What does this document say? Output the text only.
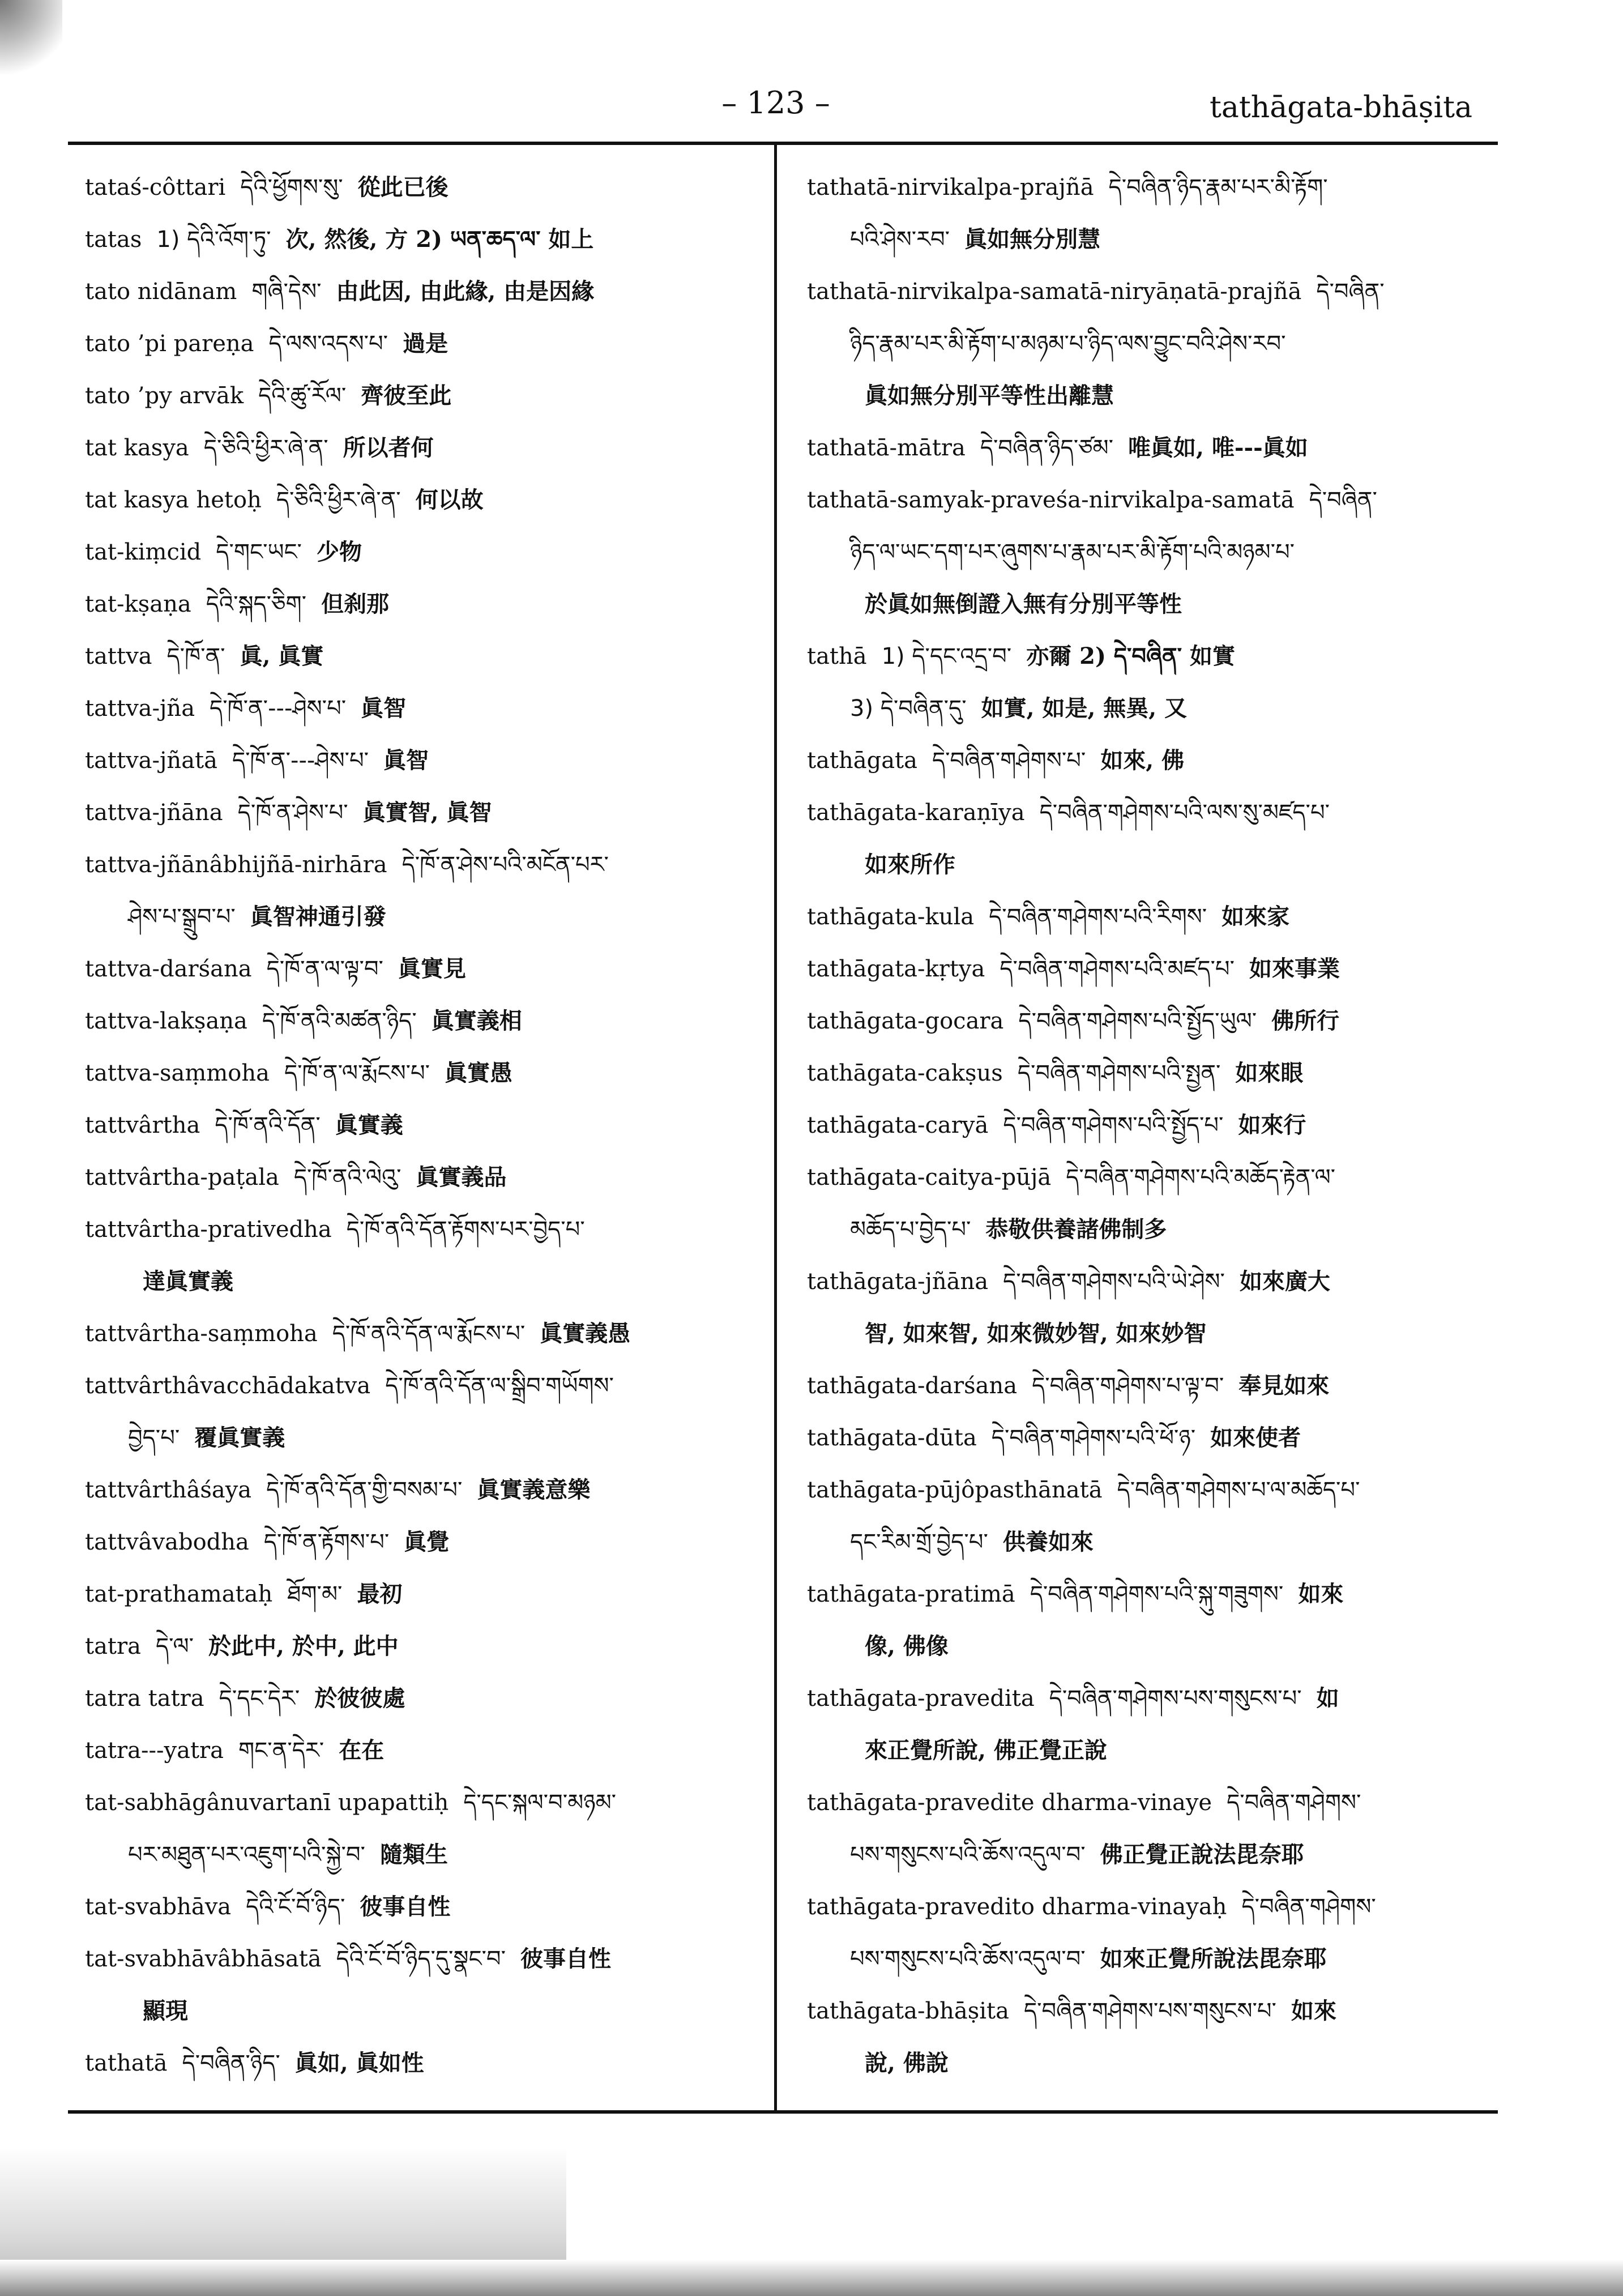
– 123 –	tathāgata-bhāṣita
tataś-côttari དེའི་ཕྱོགས་སུ་ 從此已後
tatas 1) དེའི་འོག་ཏུ་ 次, 然後, 方 2) ཡན་ཆད་ལ་ 如上
tato nidānam གཞི་དེས་ 由此因, 由此緣, 由是因緣
tato ’pi pareṇa དེ་ལས་འདས་པ་ 過是
tato ’py arvāk དེའི་ཚུ་རོལ་ 齊彼至此
tat kasya དེ་ཅིའི་ཕྱིར་ཞེ་ན་ 所以者何
tat kasya hetoḥ དེ་ཅིའི་ཕྱིར་ཞེ་ན་ 何以故
tat-kiṃcid དེ་གང་ཡང་ 少物
tat-kṣaṇa དེའི་སྐད་ཅིག་ 但刹那
tattva དེ་ཁོ་ན་ 眞, 眞實
tattva-jña དེ་ཁོ་ན་---ཤེས་པ་ 眞智
tattva-jñatā དེ་ཁོ་ན་---ཤེས་པ་ 眞智
tattva-jñāna དེ་ཁོ་ན་ཤེས་པ་ 眞實智, 眞智
tattva-jñānâbhijñā-nirhāra དེ་ཁོ་ན་ཤེས་པའི་མངོན་པར་
ཤེས་པ་སྒྲུབ་པ་ 眞智神通引發
tattva-darśana དེ་ཁོ་ན་ལ་ལྟ་བ་ 眞實見
tattva-lakṣaṇa དེ་ཁོ་ནའི་མཚན་ཉིད་ 眞實義相
tattva-saṃmoha དེ་ཁོ་ན་ལ་རྨོངས་པ་ 眞實愚
tattvârtha དེ་ཁོ་ནའི་དོན་ 眞實義
tattvârtha-paṭala དེ་ཁོ་ནའི་ལེའུ་ 眞實義品
tattvârtha-prativedha དེ་ཁོ་ནའི་དོན་རྟོགས་པར་བྱེད་པ་
達眞實義
tattvârtha-saṃmoha དེ་ཁོ་ནའི་དོན་ལ་རྨོངས་པ་ 眞實義愚
tattvârthâvacchādakatva དེ་ཁོ་ནའི་དོན་ལ་སྒྲིབ་གཡོགས་
བྱེད་པ་ 覆眞實義
tattvârthâśaya དེ་ཁོ་ནའི་དོན་གྱི་བསམ་པ་ 眞實義意樂
tattvâvabodha དེ་ཁོ་ན་རྟོགས་པ་ 眞覺
tat-prathamataḥ ཐོག་མ་ 最初
tatra དེ་ལ་ 於此中, 於中, 此中
tatra tatra དེ་དང་དེར་ 於彼彼處
tatra---yatra གང་ན་དེར་ 在在
tat-sabhāgânuvartanī upapattiḥ དེ་དང་སྐལ་བ་མཉམ་
པར་མཐུན་པར་འཇུག་པའི་སྐྱེ་བ་ 隨類生
tat-svabhāva དེའི་ངོ་བོ་ཉིད་ 彼事自性
tat-svabhāvâbhāsatā དེའི་ངོ་བོ་ཉིད་དུ་སྣང་བ་ 彼事自性
顯現
tathatā དེ་བཞིན་ཉིད་ 眞如, 眞如性
tathatā-nirvikalpa-prajñā དེ་བཞིན་ཉིད་རྣམ་པར་མི་རྟོག་
པའི་ཤེས་རབ་ 眞如無分別慧
tathatā-nirvikalpa-samatā-niryāṇatā-prajñā དེ་བཞིན་
ཉིད་རྣམ་པར་མི་རྟོག་པ་མཉམ་པ་ཉིད་ལས་བྱུང་བའི་ཤེས་རབ་
眞如無分別平等性出離慧
tathatā-mātra དེ་བཞིན་ཉིད་ཙམ་ 唯眞如, 唯---眞如
tathatā-samyak-praveśa-nirvikalpa-samatā དེ་བཞིན་
ཉིད་ལ་ཡང་དག་པར་ཞུགས་པ་རྣམ་པར་མི་རྟོག་པའི་མཉམ་པ་
於眞如無倒證入無有分別平等性
tathā 1) དེ་དང་འདྲ་བ་ 亦爾 2) དེ་བཞིན་ 如實
3) དེ་བཞིན་དུ་ 如實, 如是, 無異, 又
tathāgata དེ་བཞིན་གཤེགས་པ་ 如來, 佛
tathāgata-karaṇīya དེ་བཞིན་གཤེགས་པའི་ལས་སུ་མཛད་པ་
如來所作
tathāgata-kula དེ་བཞིན་གཤེགས་པའི་རིགས་ 如來家
tathāgata-kṛtya དེ་བཞིན་གཤེགས་པའི་མཛད་པ་ 如來事業
tathāgata-gocara དེ་བཞིན་གཤེགས་པའི་སྤྱོད་ཡུལ་ 佛所行
tathāgata-cakṣus དེ་བཞིན་གཤེགས་པའི་སྤྱན་ 如來眼
tathāgata-caryā དེ་བཞིན་གཤེགས་པའི་སྤྱོད་པ་ 如來行
tathāgata-caitya-pūjā དེ་བཞིན་གཤེགས་པའི་མཆོད་རྟེན་ལ་
མཆོད་པ་བྱེད་པ་ 恭敬供養諸佛制多
tathāgata-jñāna དེ་བཞིན་གཤེགས་པའི་ཡེ་ཤེས་ 如來廣大
智, 如來智, 如來微妙智, 如來妙智
tathāgata-darśana དེ་བཞིན་གཤེགས་པ་ལྟ་བ་ 奉見如來
tathāgata-dūta དེ་བཞིན་གཤེགས་པའི་ཕོ་ཉ་ 如來使者
tathāgata-pūjôpasthānatā དེ་བཞིན་གཤེགས་པ་ལ་མཆོད་པ་
དང་རིམ་གྲོ་བྱེད་པ་ 供養如來
tathāgata-pratimā དེ་བཞིན་གཤེགས་པའི་སྐུ་གཟུགས་ 如來
像, 佛像
tathāgata-pravedita དེ་བཞིན་གཤེགས་པས་གསུངས་པ་ 如
來正覺所說, 佛正覺正說
tathāgata-pravedite dharma-vinaye དེ་བཞིན་གཤེགས་
པས་གསུངས་པའི་ཆོས་འདུལ་བ་ 佛正覺正說法毘奈耶
tathāgata-pravedito dharma-vinayaḥ དེ་བཞིན་གཤེགས་
པས་གསུངས་པའི་ཆོས་འདུལ་བ་ 如來正覺所說法毘奈耶
tathāgata-bhāṣita དེ་བཞིན་གཤེགས་པས་གསུངས་པ་ 如來
說, 佛說
